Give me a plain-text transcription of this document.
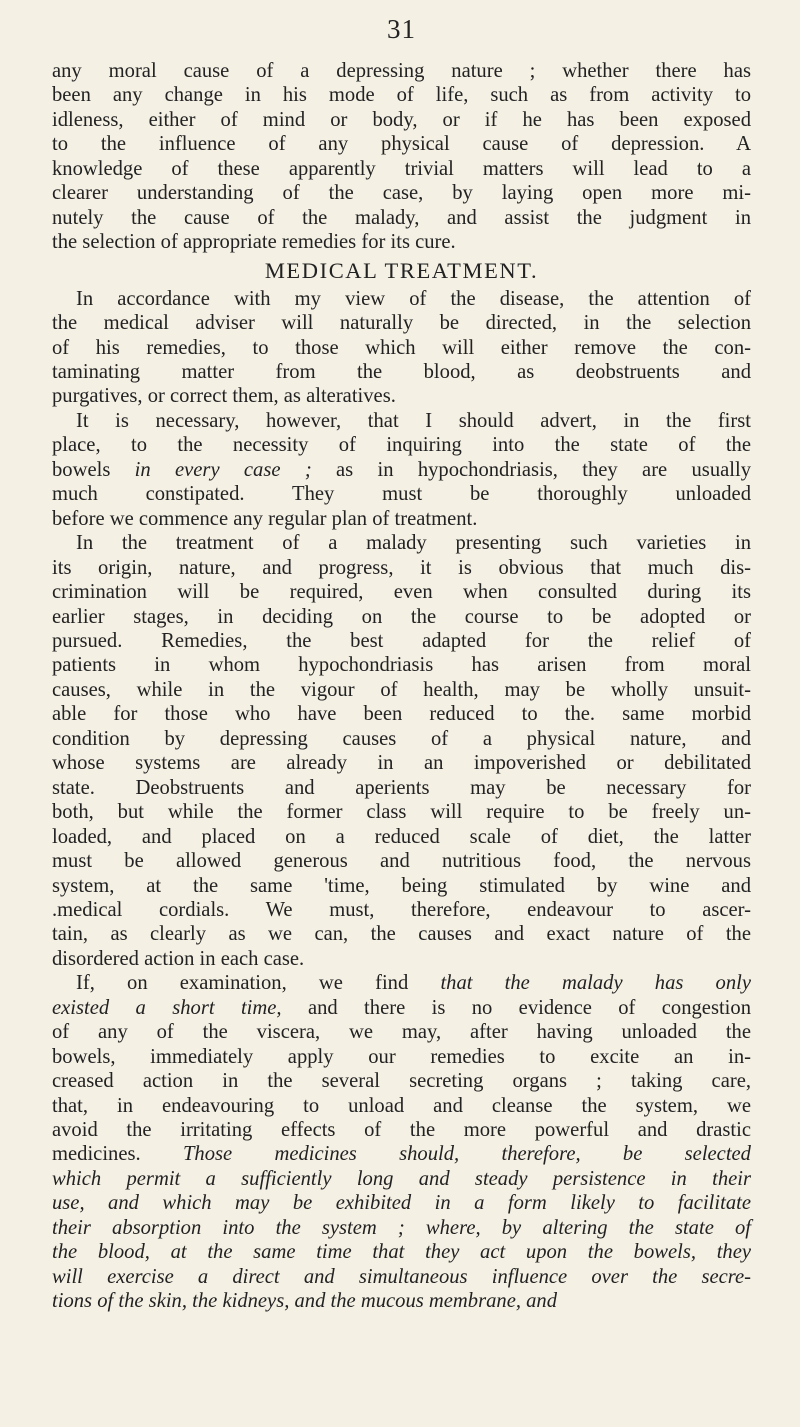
31
any moral cause of a depressing nature ; whether there has
been any change in his mode of life, such as from activity to
idleness, either of mind or body, or if he has been exposed
to the influence of any physical cause of depression. A
knowledge of these apparently trivial matters will lead to a
clearer understanding of the case, by laying open more mi-
nutely the cause of the malady, and assist the judgment in
the selection of appropriate remedies for its cure.
MEDICAL TREATMENT.
In accordance with my view of the disease, the attention of
the medical adviser will naturally be directed, in the selection
of his remedies, to those which will either remove the con-
taminating matter from the blood, as deobstruents and
purgatives, or correct them, as alteratives.
It is necessary, however, that I should advert, in the first
place, to the necessity of inquiring into the state of the
bowels in every case ; as in hypochondriasis, they are usually
much constipated. They must be thoroughly unloaded
before we commence any regular plan of treatment.
In the treatment of a malady presenting such varieties in
its origin, nature, and progress, it is obvious that much dis-
crimination will be required, even when consulted during its
earlier stages, in deciding on the course to be adopted or
pursued. Remedies, the best adapted for the relief of
patients in whom hypochondriasis has arisen from moral
causes, while in the vigour of health, may be wholly unsuit-
able for those who have been reduced to the. same morbid
condition by depressing causes of a physical nature, and
whose systems are already in an impoverished or debilitated
state. Deobstruents and aperients may be necessary for
both, but while the former class will require to be freely un-
loaded, and placed on a reduced scale of diet, the latter
must be allowed generous and nutritious food, the nervous
system, at the same 'time, being stimulated by wine and
.medical cordials. We must, therefore, endeavour to ascer-
tain, as clearly as we can, the causes and exact nature of the
disordered action in each case.
If, on examination, we find that the malady has only
existed a short time, and there is no evidence of congestion
of any of the viscera, we may, after having unloaded the
bowels, immediately apply our remedies to excite an in-
creased action in the several secreting organs ; taking care,
that, in endeavouring to unload and cleanse the system, we
avoid the irritating effects of the more powerful and drastic
medicines. Those medicines should, therefore, be selected
which permit a sufficiently long and steady persistence in their
use, and which may be exhibited in a form likely to facilitate
their absorption into the system ; where, by altering the state of
the blood, at the same time that they act upon the bowels, they
will exercise a direct and simultaneous influence over the secre-
tions of the skin, the kidneys, and the mucous membrane, and
